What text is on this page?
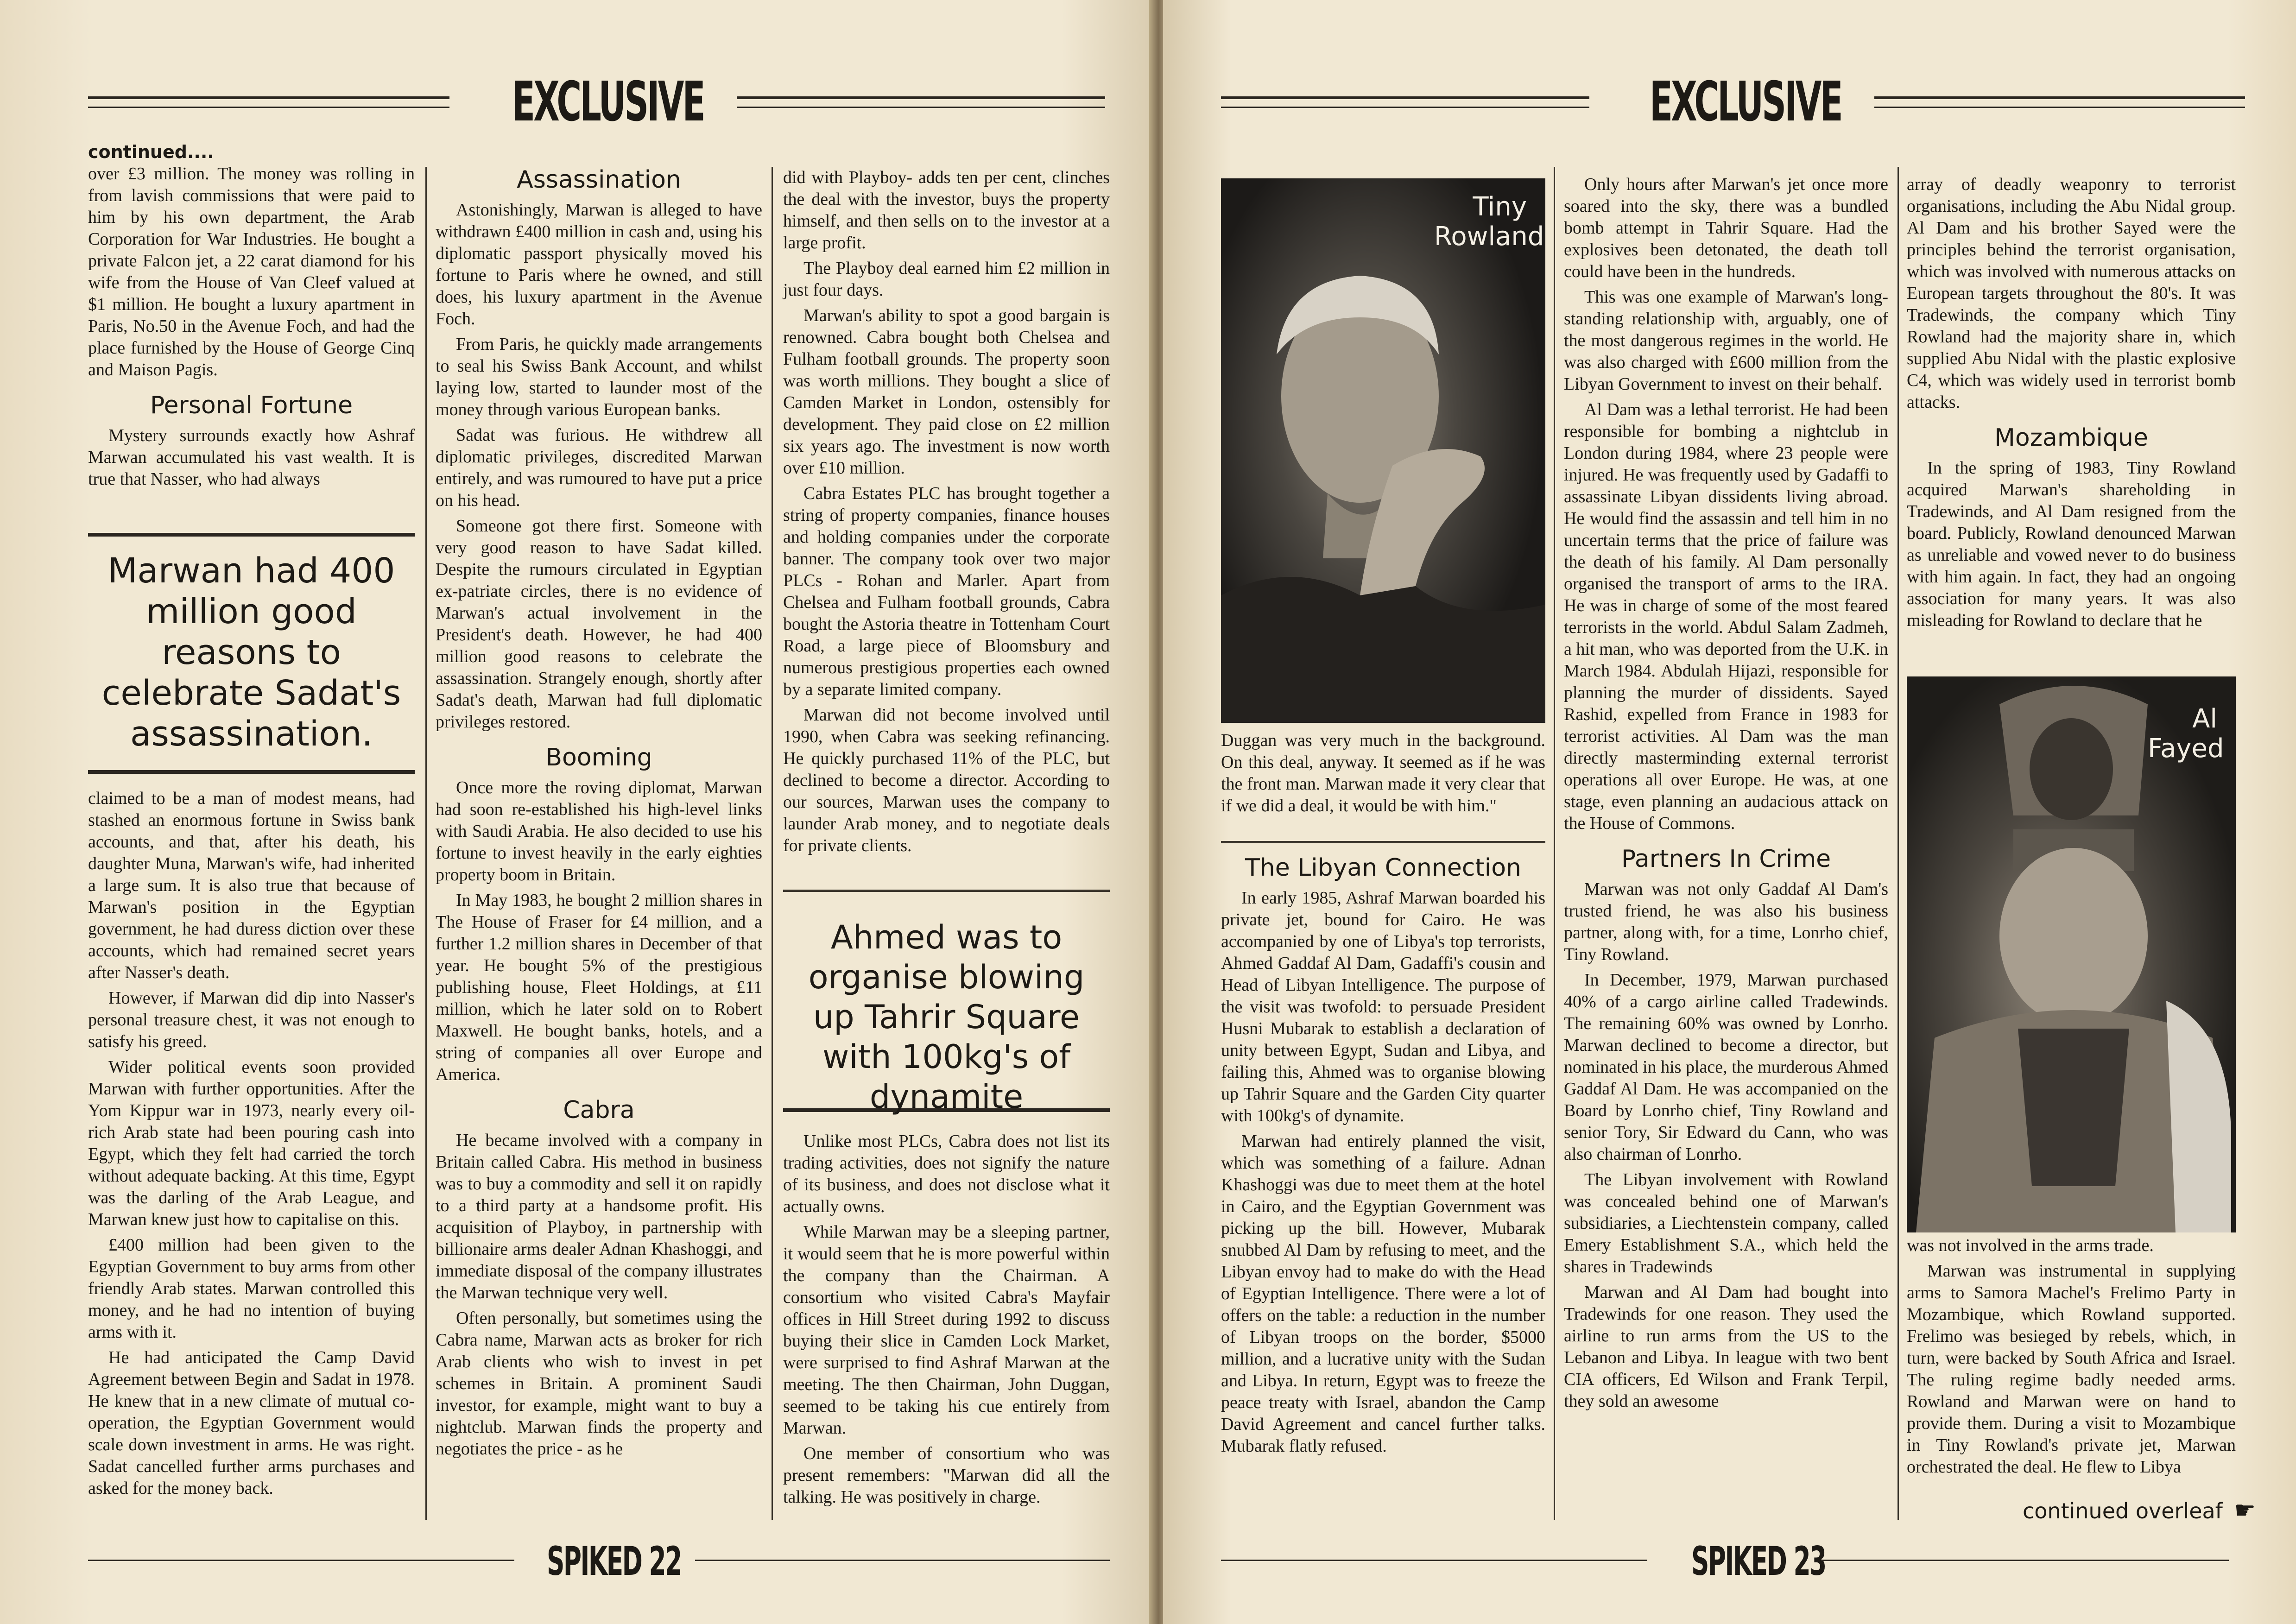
EXCLUSIVE
continued....

over £3 million. The money was rolling in from lavish commissions that were paid to him by his own department, the Arab Corporation for War Industries. He bought a private Falcon jet, a 22 carat diamond for his wife from the House of Van Cleef valued at $1 million. He bought a luxury apartment in Paris, No.50 in the Avenue Foch, and had the place furnished by the House of George Cinq and Maison Pagis.

Personal Fortune

Mystery surrounds exactly how Ashraf Marwan accumulated his vast wealth. It is true that Nasser, who had always

Marwan had 400 million good reasons to celebrate Sadat's assassination.

claimed to be a man of modest means, had stashed an enormous fortune in Swiss bank accounts, and that, after his death, his daughter Muna, Marwan's wife, had inherited a large sum. It is also true that because of Marwan's position in the Egyptian government, he had duress diction over these accounts, which had remained secret years after Nasser's death.

However, if Marwan did dip into Nasser's personal treasure chest, it was not enough to satisfy his greed.

Wider political events soon provided Marwan with further opportunities. After the Yom Kippur war in 1973, nearly every oil-rich Arab state had been pouring cash into Egypt, which they felt had carried the torch without adequate backing. At this time, Egypt was the darling of the Arab League, and Marwan knew just how to capitalise on this.

£400 million had been given to the Egyptian Government to buy arms from other friendly Arab states. Marwan controlled this money, and he had no intention of buying arms with it.

He had anticipated the Camp David Agreement between Begin and Sadat in 1978. He knew that in a new climate of mutual co-operation, the Egyptian Government would scale down investment in arms. He was right. Sadat cancelled further arms purchases and asked for the money back.

Assassination

Astonishingly, Marwan is alleged to have withdrawn £400 million in cash and, using his diplomatic passport physically moved his fortune to Paris where he owned, and still does, his luxury apartment in the Avenue Foch.

From Paris, he quickly made arrangements to seal his Swiss Bank Account, and whilst laying low, started to launder most of the money through various European banks.

Sadat was furious. He withdrew all diplomatic privileges, discredited Marwan entirely, and was rumoured to have put a price on his head.

Someone got there first. Someone with very good reason to have Sadat killed. Despite the rumours circulated in Egyptian ex-patriate circles, there is no evidence of Marwan's actual involvement in the President's death. However, he had 400 million good reasons to celebrate the assassination. Strangely enough, shortly after Sadat's death, Marwan had full diplomatic privileges restored.

Booming

Once more the roving diplomat, Marwan had soon re-established his high-level links with Saudi Arabia. He also decided to use his fortune to invest heavily in the early eighties property boom in Britain.

In May 1983, he bought 2 million shares in The House of Fraser for £4 million, and a further 1.2 million shares in December of that year. He bought 5% of the prestigious publishing house, Fleet Holdings, at £11 million, which he later sold on to Robert Maxwell. He bought banks, hotels, and a string of companies all over Europe and America.

Cabra

He became involved with a company in Britain called Cabra. His method in business was to buy a commodity and sell it on rapidly to a third party at a handsome profit. His acquisition of Playboy, in partnership with billionaire arms dealer Adnan Khashoggi, and immediate disposal of the company illustrates the Marwan technique very well.

Often personally, but sometimes using the Cabra name, Marwan acts as broker for rich Arab clients who wish to invest in pet schemes in Britain. A prominent Saudi investor, for example, might want to buy a nightclub. Marwan finds the property and negotiates the price - as he

did with Playboy- adds ten per cent, clinches the deal with the investor, buys the property himself, and then sells on to the investor at a large profit.

The Playboy deal earned him £2 million in just four days.

Marwan's ability to spot a good bargain is renowned. Cabra bought both Chelsea and Fulham football grounds. The property soon was worth millions. They bought a slice of Camden Market in London, ostensibly for development. They paid close on £2 million six years ago. The investment is now worth over £10 million.

Cabra Estates PLC has brought together a string of property companies, finance houses and holding companies under the corporate banner. The company took over two major PLCs - Rohan and Marler. Apart from Chelsea and Fulham football grounds, Cabra bought the Astoria theatre in Tottenham Court Road, a large piece of Bloomsbury and numerous prestigious properties each owned by a separate limited company.

Marwan did not become involved until 1990, when Cabra was seeking refinancing. He quickly purchased 11% of the PLC, but declined to become a director. According to our sources, Marwan uses the company to launder Arab money, and to negotiate deals for private clients.

Ahmed was to organise blowing up Tahrir Square with 100kg's of dynamite

Unlike most PLCs, Cabra does not list its trading activities, does not signify the nature of its business, and does not disclose what it actually owns.

While Marwan may be a sleeping partner, it would seem that he is more powerful within the company than the Chairman. A consortium who visited Cabra's Mayfair offices in Hill Street during 1992 to discuss buying their slice in Camden Lock Market, were surprised to find Ashraf Marwan at the meeting. The then Chairman, John Duggan, seemed to be taking his cue entirely from Marwan.

One member of consortium who was present remembers: "Marwan did all the talking. He was positively in charge.

SPIKED 22
EXCLUSIVE
Tiny Rowland
Duggan was very much in the background. On this deal, anyway. It seemed as if he was the front man. Marwan made it very clear that if we did a deal, it would be with him."
The Libyan Connection

In early 1985, Ashraf Marwan boarded his private jet, bound for Cairo. He was accompanied by one of Libya's top terrorists, Ahmed Gaddaf Al Dam, Gadaffi's cousin and Head of Libyan Intelligence. The purpose of the visit was twofold: to persuade President Husni Mubarak to establish a declaration of unity between Egypt, Sudan and Libya, and failing this, Ahmed was to organise blowing up Tahrir Square and the Garden City quarter with 100kg's of dynamite.

Marwan had entirely planned the visit, which was something of a failure. Adnan Khashoggi was due to meet them at the hotel in Cairo, and the Egyptian Government was picking up the bill. However, Mubarak snubbed Al Dam by refusing to meet, and the Libyan envoy had to make do with the Head of Egyptian Intelligence. There were a lot of offers on the table: a reduction in the number of Libyan troops on the border, $5000 million, and a lucrative unity with the Sudan and Libya. In return, Egypt was to freeze the peace treaty with Israel, abandon the Camp David Agreement and cancel further talks. Mubarak flatly refused.

Only hours after Marwan's jet once more soared into the sky, there was a bundled bomb attempt in Tahrir Square. Had the explosives been detonated, the death toll could have been in the hundreds.

This was one example of Marwan's long-standing relationship with, arguably, one of the most dangerous regimes in the world. He was also charged with £600 million from the Libyan Government to invest on their behalf.

Al Dam was a lethal terrorist. He had been responsible for bombing a nightclub in London during 1984, where 23 people were injured. He was frequently used by Gadaffi to assassinate Libyan dissidents living abroad. He would find the assassin and tell him in no uncertain terms that the price of failure was the death of his family. Al Dam personally organised the transport of arms to the IRA. He was in charge of some of the most feared terrorists in the world. Abdul Salam Zadmeh, a hit man, who was deported from the U.K. in March 1984. Abdulah Hijazi, responsible for planning the murder of dissidents. Sayed Rashid, expelled from France in 1983 for terrorist activities. Al Dam was the man directly masterminding external terrorist operations all over Europe. He was, at one stage, even planning an audacious attack on the House of Commons.

Partners In Crime

Marwan was not only Gaddaf Al Dam's trusted friend, he was also his business partner, along with, for a time, Lonrho chief, Tiny Rowland.

In December, 1979, Marwan purchased 40% of a cargo airline called Tradewinds. The remaining 60% was owned by Lonrho. Marwan declined to become a director, but nominated in his place, the murderous Ahmed Gaddaf Al Dam. He was accompanied on the Board by Lonrho chief, Tiny Rowland and senior Tory, Sir Edward du Cann, who was also chairman of Lonrho.

The Libyan involvement with Rowland was concealed behind one of Marwan's subsidiaries, a Liechtenstein company, called Emery Establishment S.A., which held the shares in Tradewinds

Marwan and Al Dam had bought into Tradewinds for one reason. They used the airline to run arms from the US to the Lebanon and Libya. In league with two bent CIA officers, Ed Wilson and Frank Terpil, they sold an awesome

array of deadly weaponry to terrorist organisations, including the Abu Nidal group. Al Dam and his brother Sayed were the principles behind the terrorist organisation, which was involved with numerous attacks on European targets throughout the 80's. It was Tradewinds, the company which Tiny Rowland had the majority share in, which supplied Abu Nidal with the plastic explosive C4, which was widely used in terrorist bomb attacks.

Mozambique

In the spring of 1983, Tiny Rowland acquired Marwan's shareholding in Tradewinds, and Al Dam resigned from the board. Publicly, Rowland denounced Marwan as unreliable and vowed never to do business with him again. In fact, they had an ongoing association for many years. It was also misleading for Rowland to declare that he

Al Fayed

was not involved in the arms trade.

Marwan was instrumental in supplying arms to Samora Machel's Frelimo Party in Mozambique, which Rowland supported. Frelimo was besieged by rebels, which, in turn, were backed by South Africa and Israel. The ruling regime badly needed arms. Rowland and Marwan were on hand to provide them. During a visit to Mozambique in Tiny Rowland's private jet, Marwan orchestrated the deal. He flew to Libya

continued overleaf ☛
SPIKED 23
